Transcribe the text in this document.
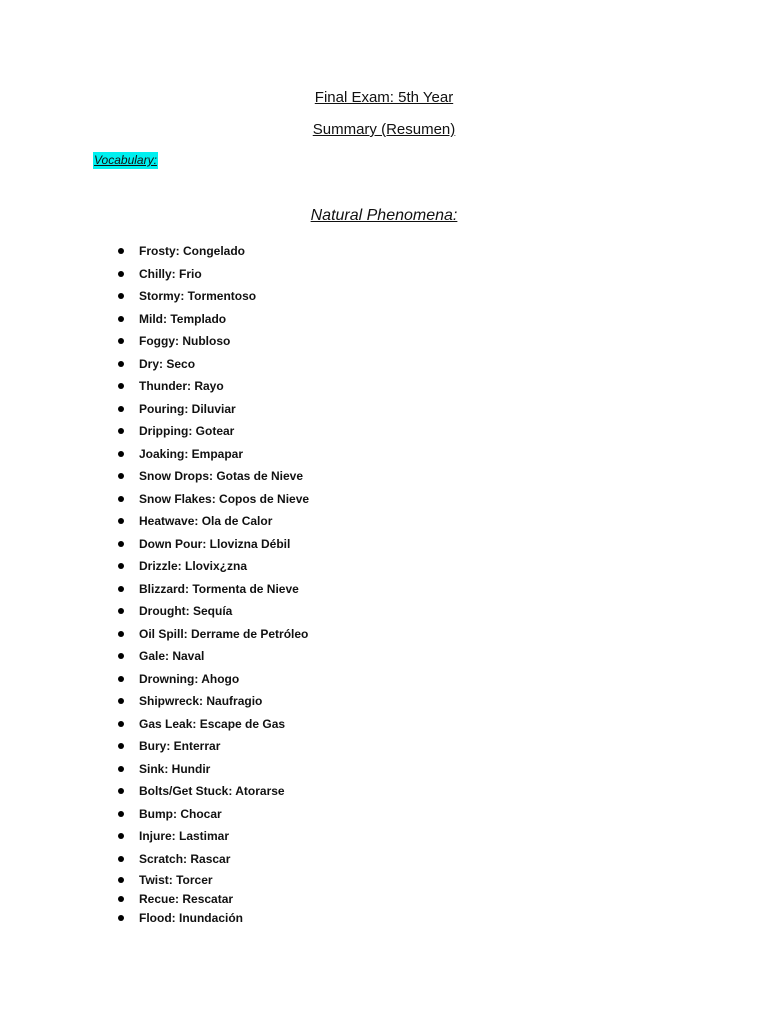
Final Exam: 5th Year
Summary (Resumen)
Vocabulary:
Natural Phenomena:
Frosty: Congelado
Chilly: Frio
Stormy: Tormentoso
Mild: Templado
Foggy: Nubloso
Dry: Seco
Thunder: Rayo
Pouring: Diluviar
Dripping: Gotear
Joaking: Empapar
Snow Drops: Gotas de Nieve
Snow Flakes: Copos de Nieve
Heatwave: Ola de Calor
Down Pour: Llovizna Débil
Drizzle: Llovix¿zna
Blizzard: Tormenta de Nieve
Drought: Sequía
Oil Spill: Derrame de Petróleo
Gale: Naval
Drowning: Ahogo
Shipwreck: Naufragio
Gas Leak: Escape de Gas
Bury: Enterrar
Sink: Hundir
Bolts/Get Stuck: Atorarse
Bump: Chocar
Injure: Lastimar
Scratch: Rascar
Twist: Torcer
Recue: Rescatar
Flood: Inundación
